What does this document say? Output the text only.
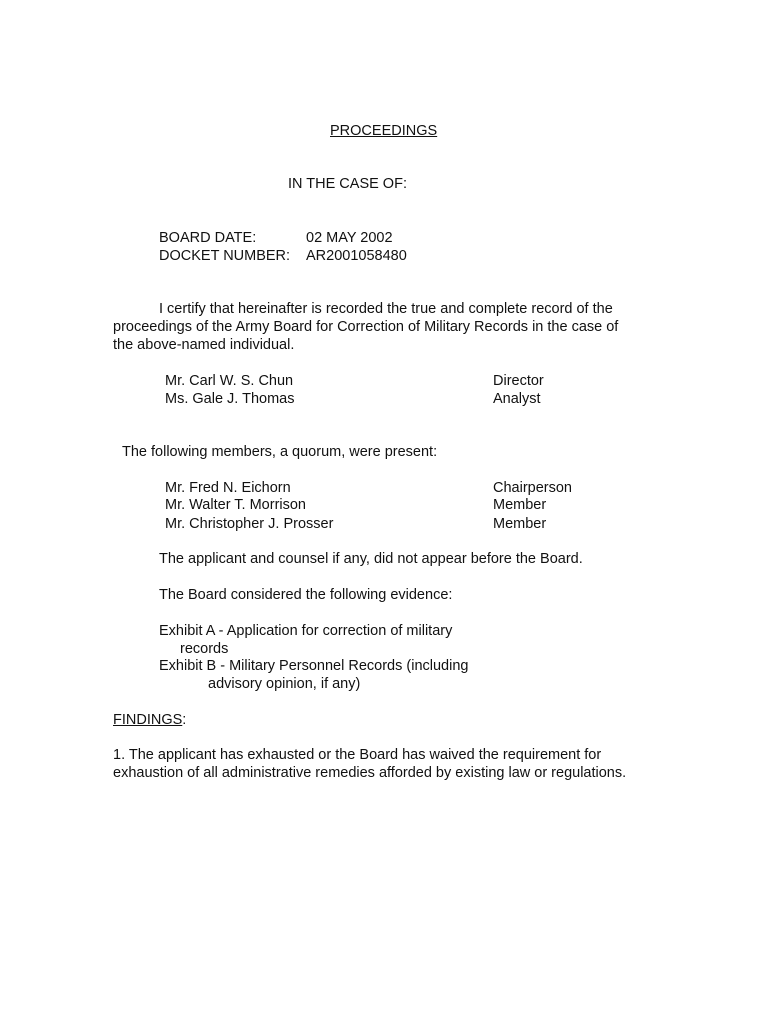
PROCEEDINGS
IN THE CASE OF:
BOARD DATE:	02 MAY 2002
DOCKET NUMBER: AR2001058480
I certify that hereinafter is recorded the true and complete record of the
proceedings of the Army Board for Correction of Military Records in the case of
the above-named individual.
Mr. Carl W. S. Chun	Director
Ms. Gale J. Thomas	Analyst
The following members, a quorum, were present:
Mr. Fred N. Eichorn	Chairperson
Mr. Walter T. Morrison	Member
Mr. Christopher J. Prosser	Member
The applicant and counsel if any, did not appear before the Board.
The Board considered the following evidence:
Exhibit A - Application for correction of military
records
Exhibit B - Military Personnel Records (including
advisory opinion, if any)
FINDINGS:
1. The applicant has exhausted or the Board has waived the requirement for
exhaustion of all administrative remedies afforded by existing law or regulations.
